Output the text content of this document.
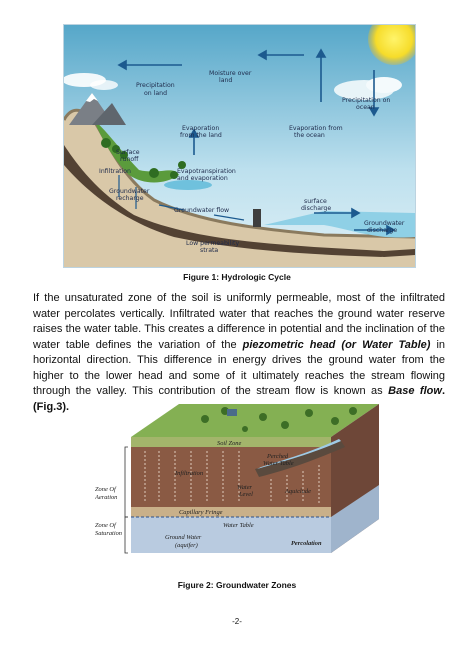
Precipitation
on land
Moisture over
land
Precipitation on
ocean
Evaporation
from the land
Evaporation from
the ocean
Surface
runoff
Evapotranspiration
and evaporation
Infiltration
Groundwater
recharge
Groundwater flow
surface
discharge
Groundwater
discharge
Low permeability
strata
Figure 1: Hydrologic Cycle
If the unsaturated zone of the soil is uniformly permeable, most of the infiltrated water percolates vertically. Infiltrated water that reaches the ground water reserve raises the water table. This creates a difference in potential and the inclination of the water table defines the variation of the piezometric head (or Water Table) in horizontal direction. This difference in energy drives the ground water from the higher to the lower head and some of it ultimately reaches the stream flowing through the valley. This contribution of the stream flow is known as Base flow. (Fig.3).
Soil Zone
Zone Of
Aeration
Infiltration
Perched
Water Table
Water
Level	Aquiclude
Capillary Fringe
Water Table
Zone Of
Saturation
Ground Water
(aquifer)	Percolation
Figure 2: Groundwater Zones
-2-
